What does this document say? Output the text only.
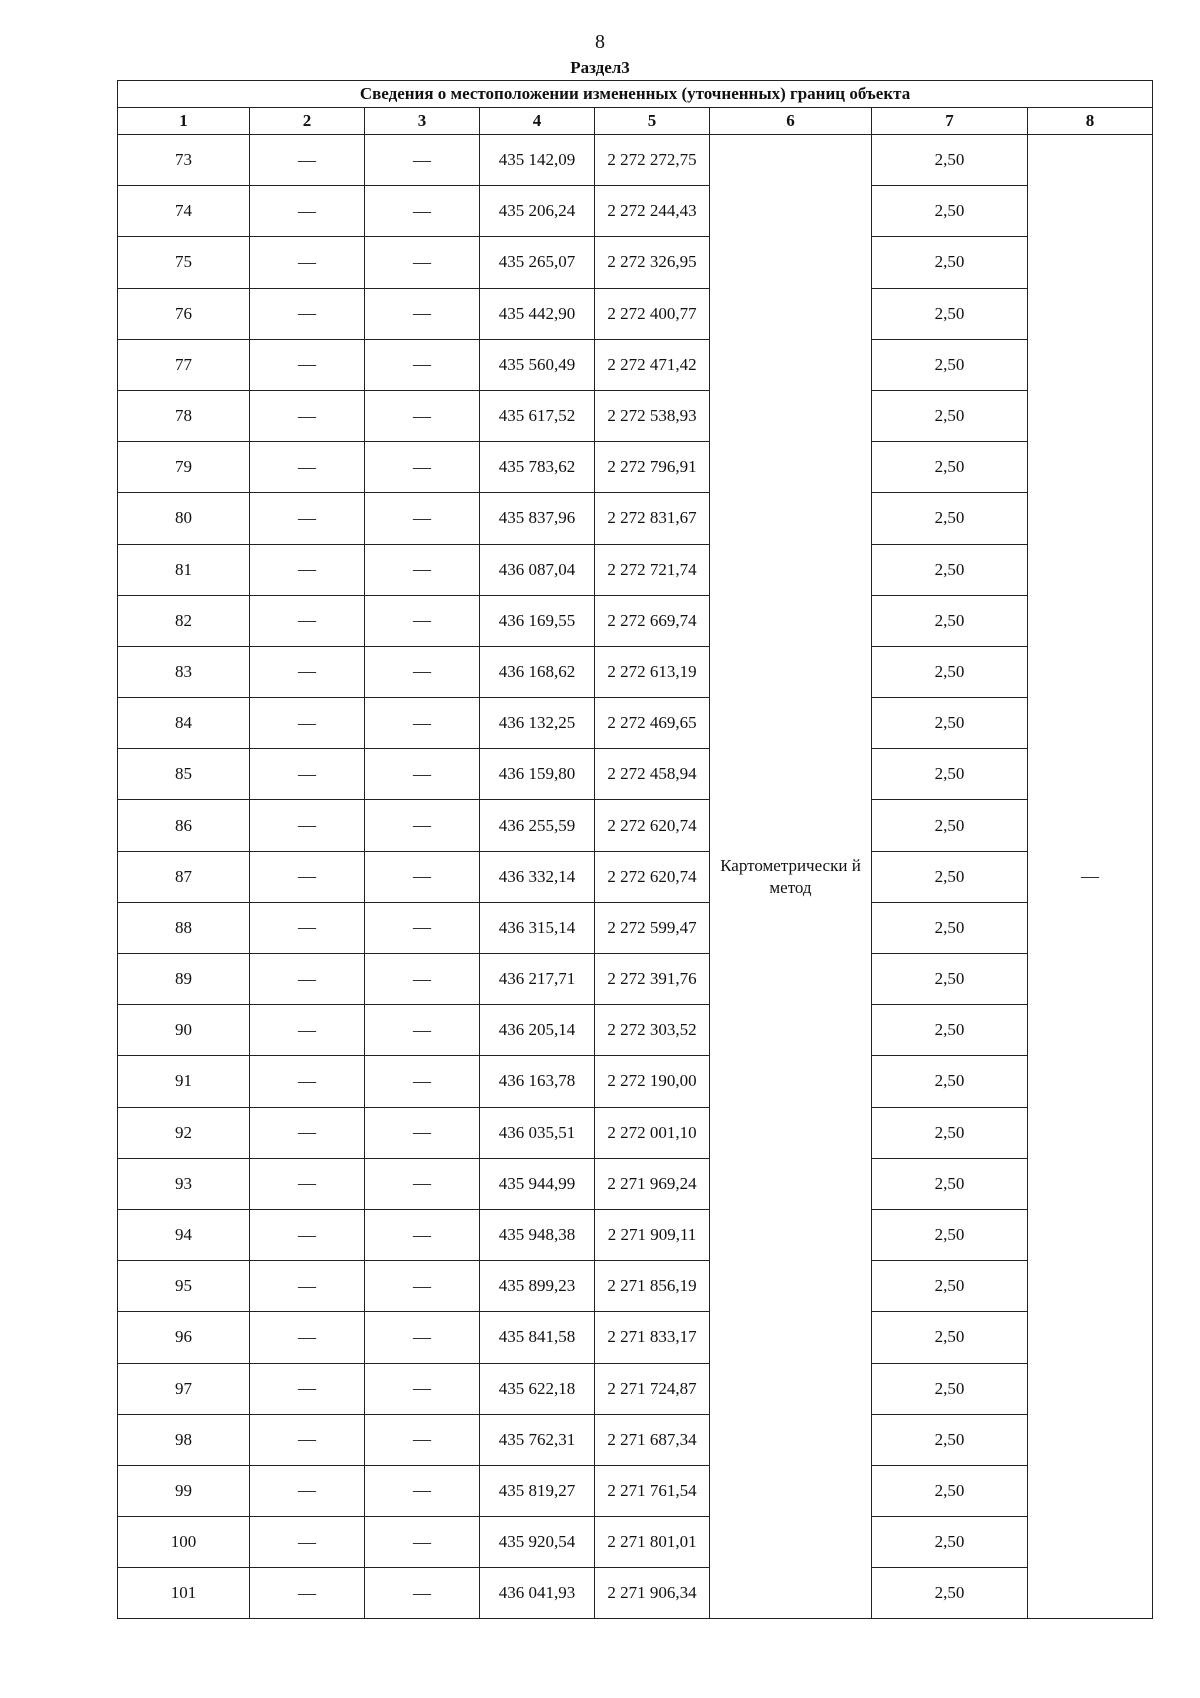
8
Раздел3
Сведения о местоположении измененных (уточненных) границ объекта							
1	2	3	4	5	6	7	8
73	—	—	435 142,09	2 272 272,75	Картометрически й метод	2,50	—
74	—	—	435 206,24	2 272 244,43		2,50	
75	—	—	435 265,07	2 272 326,95		2,50	
76	—	—	435 442,90	2 272 400,77		2,50	
77	—	—	435 560,49	2 272 471,42		2,50	
78	—	—	435 617,52	2 272 538,93		2,50	
79	—	—	435 783,62	2 272 796,91		2,50	
80	—	—	435 837,96	2 272 831,67		2,50	
81	—	—	436 087,04	2 272 721,74		2,50	
82	—	—	436 169,55	2 272 669,74		2,50	
83	—	—	436 168,62	2 272 613,19		2,50	
84	—	—	436 132,25	2 272 469,65		2,50	
85	—	—	436 159,80	2 272 458,94		2,50	
86	—	—	436 255,59	2 272 620,74		2,50	
87	—	—	436 332,14	2 272 620,74		2,50	
88	—	—	436 315,14	2 272 599,47		2,50	
89	—	—	436 217,71	2 272 391,76		2,50	
90	—	—	436 205,14	2 272 303,52		2,50	
91	—	—	436 163,78	2 272 190,00		2,50	
92	—	—	436 035,51	2 272 001,10		2,50	
93	—	—	435 944,99	2 271 969,24		2,50	
94	—	—	435 948,38	2 271 909,11		2,50	
95	—	—	435 899,23	2 271 856,19		2,50	
96	—	—	435 841,58	2 271 833,17		2,50	
97	—	—	435 622,18	2 271 724,87		2,50	
98	—	—	435 762,31	2 271 687,34		2,50	
99	—	—	435 819,27	2 271 761,54		2,50	
100	—	—	435 920,54	2 271 801,01		2,50	
101	—	—	436 041,93	2 271 906,34		2,50	
